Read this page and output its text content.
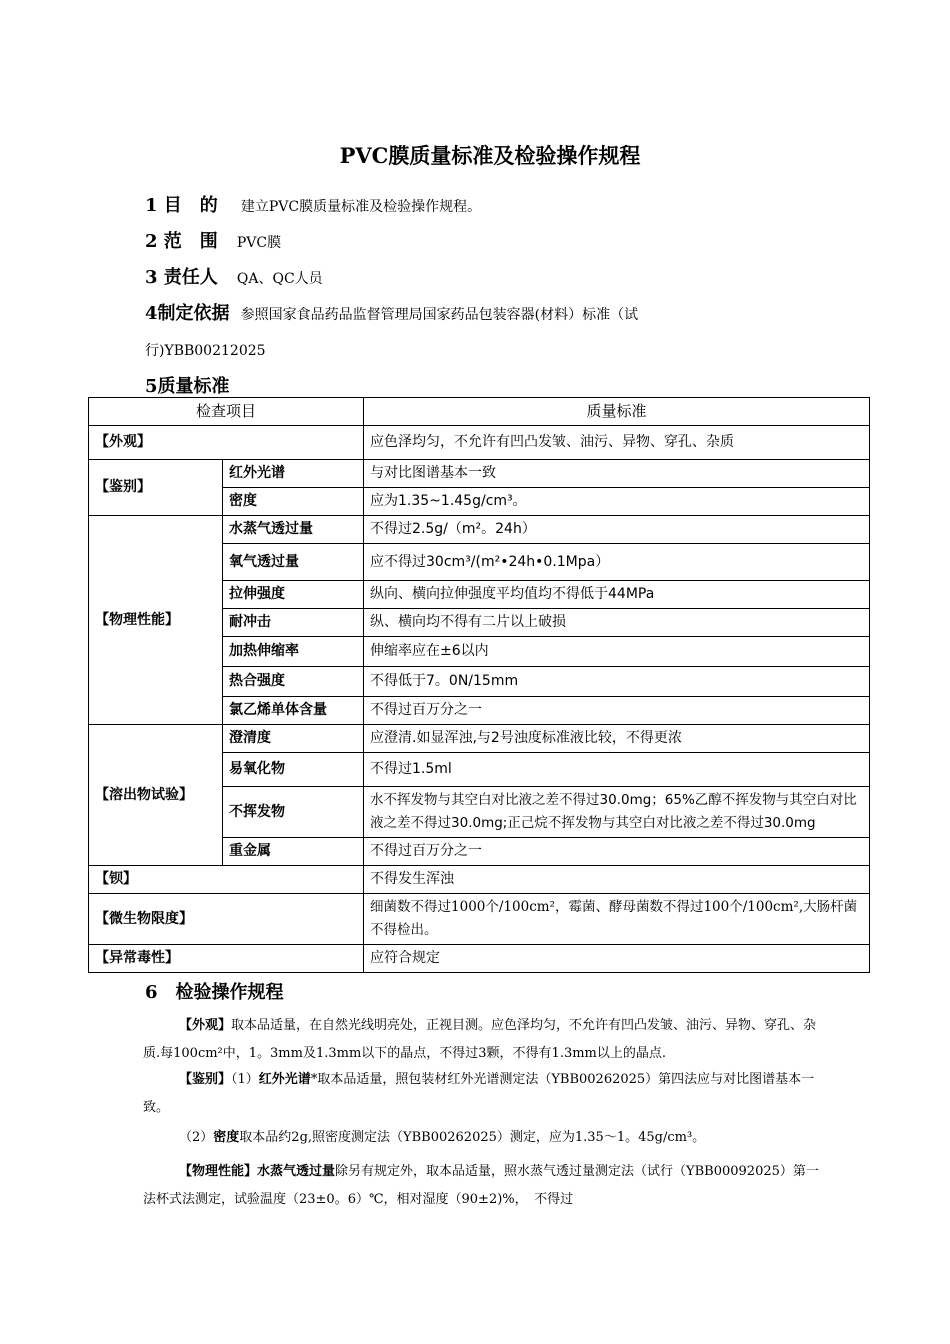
PVC膜质量标准及检验操作规程
1 目　的 建立PVC膜质量标准及检验操作规程。
2 范　围 PVC膜
3 责任人 QA、QC人员
4制定依据 参照国家食品药品监督管理局国家药品包装容器(材料）标准（试
行)YBB00212025
5质量标准
检查项目		质量标准
【外观】		应色泽均匀，不允许有凹凸发皱、油污、异物、穿孔、杂质
【鉴别】	红外光谱	与对比图谱基本一致
	密度	应为1.35~1.45g/cm³。
【物理性能】	水蒸气透过量	不得过2.5g/（m²。24h）
	氧气透过量	应不得过30cm³/(m²•24h•0.1Mpa）
	拉伸强度	纵向、横向拉伸强度平均值均不得低于44MPa
	耐冲击	纵、横向均不得有二片以上破损
	加热伸缩率	伸缩率应在±6以内
	热合强度	不得低于7。0N/15mm
	氯乙烯单体含量	不得过百万分之一
【溶出物试验】	澄清度	应澄清.如显浑浊,与2号浊度标准液比较，不得更浓
	易氧化物	不得过1.5ml
	不挥发物	水不挥发物与其空白对比液之差不得过30.0mg；65%乙醇不挥发物与其空白对比液之差不得过30.0mg;正己烷不挥发物与其空白对比液之差不得过30.0mg
	重金属	不得过百万分之一
【钡】		不得发生浑浊
【微生物限度】		细菌数不得过1000个/100cm²，霉菌、酵母菌数不得过100个/100cm²,大肠杆菌不得检出。
【异常毒性】		应符合规定
6　检验操作规程
【外观】取本品适量，在自然光线明亮处，正视目测。应色泽均匀，不允许有凹凸发皱、油污、异物、穿孔、杂质.每100cm²中，1。3mm及1.3mm以下的晶点，不得过3颗，不得有1.3mm以上的晶点.
【鉴别】（1）红外光谱*取本品适量，照包装材红外光谱测定法（YBB00262025）第四法应与对比图谱基本一致。
（2）密度取本品约2g,照密度测定法（YBB00262025）测定，应为1.35～1。45g/cm³。
【物理性能】水蒸气透过量除另有规定外，取本品适量，照水蒸气透过量测定法（试行（YBB00092025）第一法杯式法测定，试验温度（23±0。6）℃，相对湿度（90±2)%，　不得过
